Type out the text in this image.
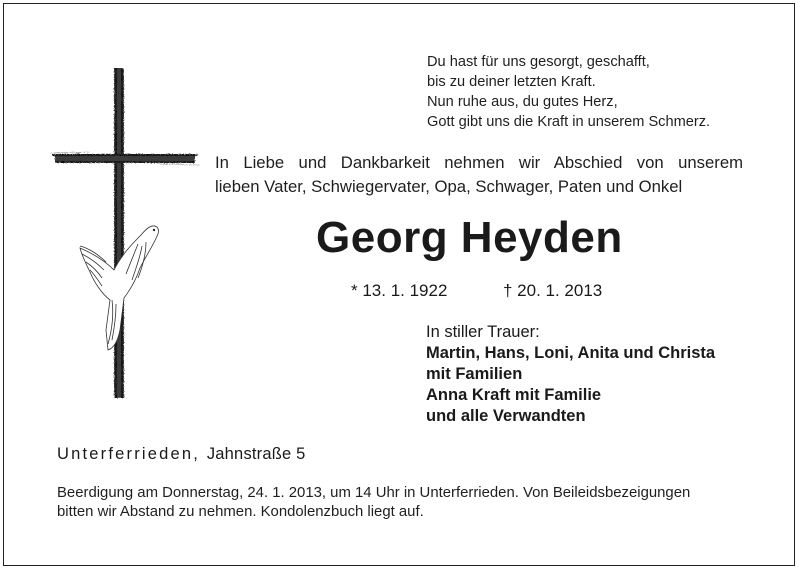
Du hast für uns gesorgt, geschafft,
bis zu deiner letzten Kraft.
Nun ruhe aus, du gutes Herz,
Gott gibt uns die Kraft in unserem Schmerz.
In Liebe und Dankbarkeit nehmen wir Abschied von unserem
lieben Vater, Schwiegervater, Opa, Schwager, Paten und Onkel
Georg Heyden
* 13. 1. 1922	† 20. 1. 2013
In stiller Trauer:
Martin, Hans, Loni, Anita und Christa
mit Familien
Anna Kraft mit Familie
und alle Verwandten
Unterferrieden, Jahnstraße 5
Beerdigung am Donnerstag, 24. 1. 2013, um 14 Uhr in Unterferrieden. Von Beileidsbezeigungen
bitten wir Abstand zu nehmen. Kondolenzbuch liegt auf.
